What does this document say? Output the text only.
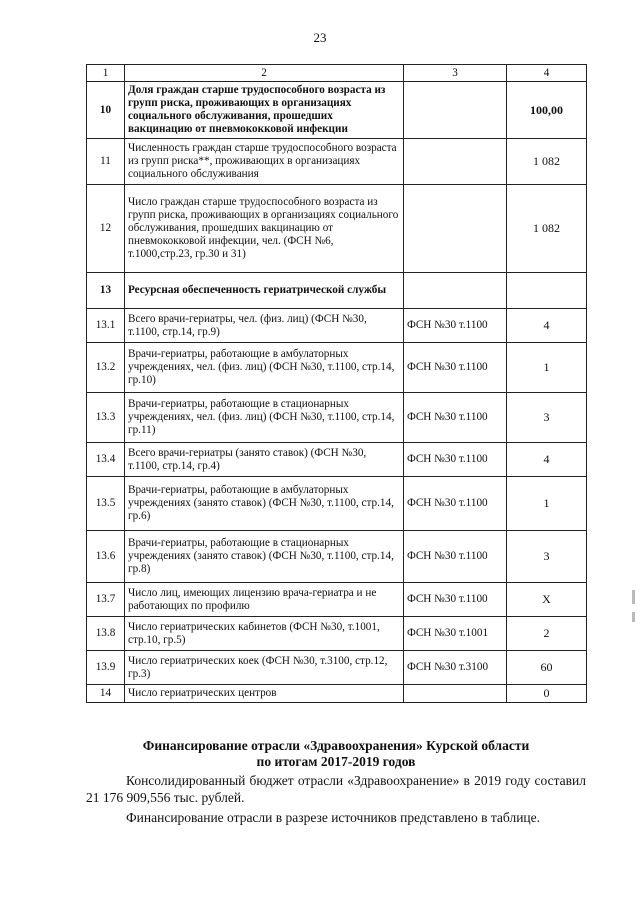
23
1	2	3	4
10	Доля граждан старше трудоспособного возраста из групп риска, проживающих в организациях социального обслуживания, прошедших вакцинацию от пневмококковой инфекции		100,00
11	Численность граждан старше трудоспособного возраста из групп риска**, проживающих в организациях социального обслуживания		1 082
12	Число граждан старше трудоспособного возраста из групп риска, проживающих в организациях социального обслуживания, прошедших вакцинацию от пневмококковой инфекции, чел. (ФСН №6, т.1000,стр.23, гр.30 и 31)		1 082
13	Ресурсная обеспеченность гериатрической службы		
13.1	Всего врачи-гериатры, чел. (физ. лиц) (ФСН №30, т.1100, стр.14, гр.9)	ФСН №30 т.1100	4
13.2	Врачи-гериатры, работающие в амбулаторных учреждениях, чел. (физ. лиц) (ФСН №30, т.1100, стр.14, гр.10)	ФСН №30 т.1100	1
13.3	Врачи-гериатры, работающие в стационарных учреждениях, чел. (физ. лиц) (ФСН №30, т.1100, стр.14, гр.11)	ФСН №30 т.1100	3
13.4	Всего врачи-гериатры (занято ставок) (ФСН №30, т.1100, стр.14, гр.4)	ФСН №30 т.1100	4
13.5	Врачи-гериатры, работающие в амбулаторных учреждениях (занято ставок) (ФСН №30, т.1100, стр.14, гр.6)	ФСН №30 т.1100	1
13.6	Врачи-гериатры, работающие в стационарных учреждениях (занято ставок) (ФСН №30, т.1100, стр.14, гр.8)	ФСН №30 т.1100	3
13.7	Число лиц, имеющих лицензию врача-гериатра и не работающих по профилю	ФСН №30 т.1100	Х
13.8	Число гериатрических кабинетов (ФСН №30, т.1001, стр.10, гр.5)	ФСН №30 т.1001	2
13.9	Число гериатрических коек (ФСН №30, т.3100, стр.12, гр.3)	ФСН №30 т.3100	60
14	Число гериатрических центров		0
Финансирование отрасли «Здравоохранения» Курской области
по итогам 2017-2019 годов
Консолидированный бюджет отрасли «Здравоохранение» в 2019 году составил 21 176 909,556 тыс. рублей.
Финансирование отрасли в разрезе источников представлено в таблице.
